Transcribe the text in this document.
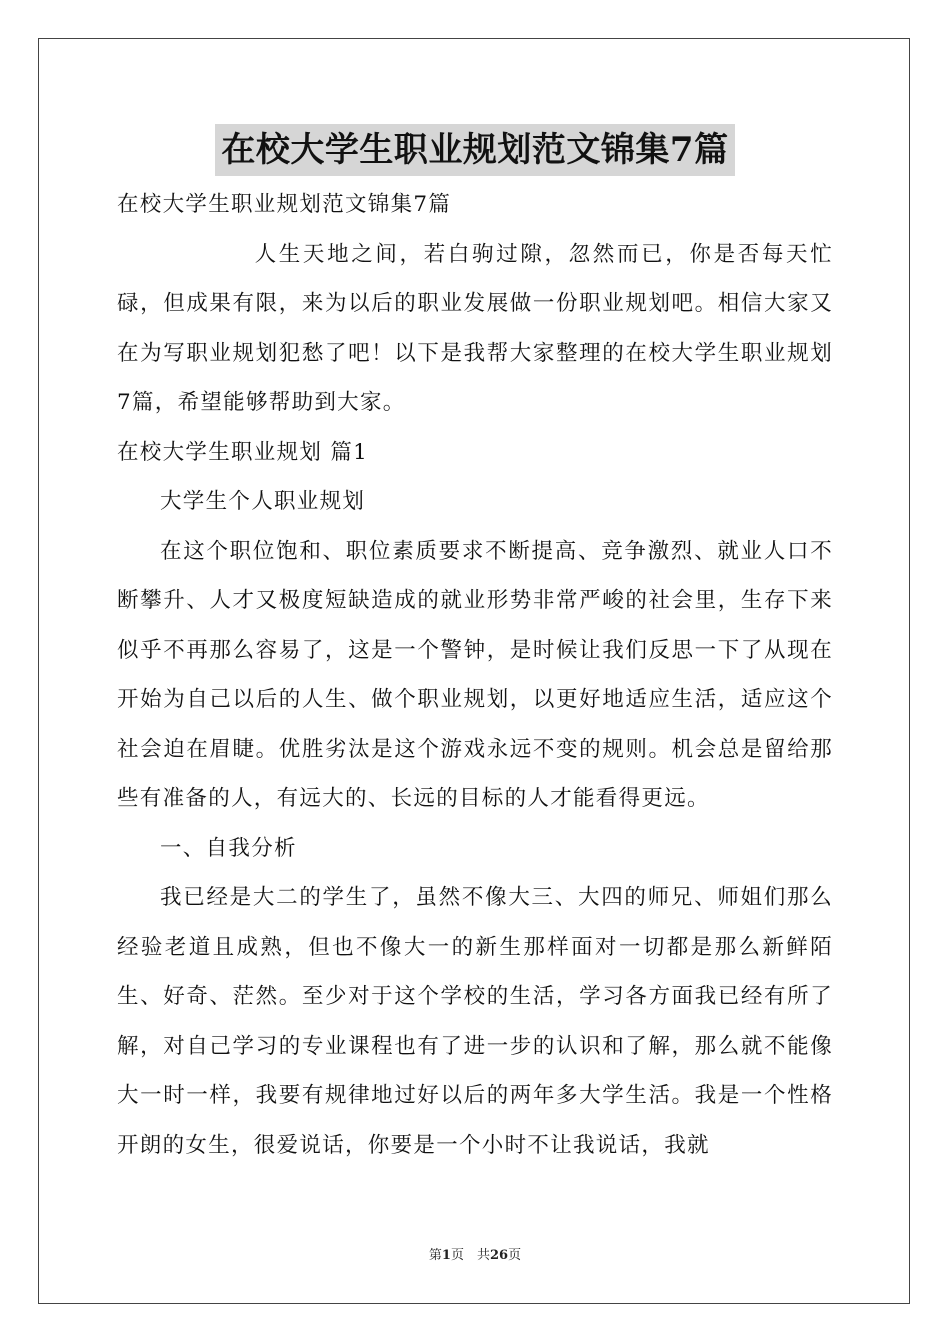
在校大学生职业规划范文锦集7篇

在校大学生职业规划范文锦集7篇

人生天地之间，若白驹过隙，忽然而已，你是否每天忙碌，但成果有限，来为以后的职业发展做一份职业规划吧。相信大家又在为写职业规划犯愁了吧！以下是我帮大家整理的在校大学生职业规划7篇，希望能够帮助到大家。

在校大学生职业规划 篇1

大学生个人职业规划

在这个职位饱和、职位素质要求不断提高、竞争激烈、就业人口不断攀升、人才又极度短缺造成的就业形势非常严峻的社会里，生存下来似乎不再那么容易了，这是一个警钟，是时候让我们反思一下了从现在开始为自己以后的人生、做个职业规划，以更好地适应生活，适应这个社会迫在眉睫。优胜劣汰是这个游戏永远不变的规则。机会总是留给那些有准备的人，有远大的、长远的目标的人才能看得更远。

一、自我分析

我已经是大二的学生了，虽然不像大三、大四的师兄、师姐们那么经验老道且成熟，但也不像大一的新生那样面对一切都是那么新鲜陌生、好奇、茫然。至少对于这个学校的生活，学习各方面我已经有所了解，对自己学习的专业课程也有了进一步的认识和了解，那么就不能像大一时一样，我要有规律地过好以后的两年多大学生活。我是一个性格开朗的女生，很爱说话，你要是一个小时不让我说话，我就

第1页　共26页
